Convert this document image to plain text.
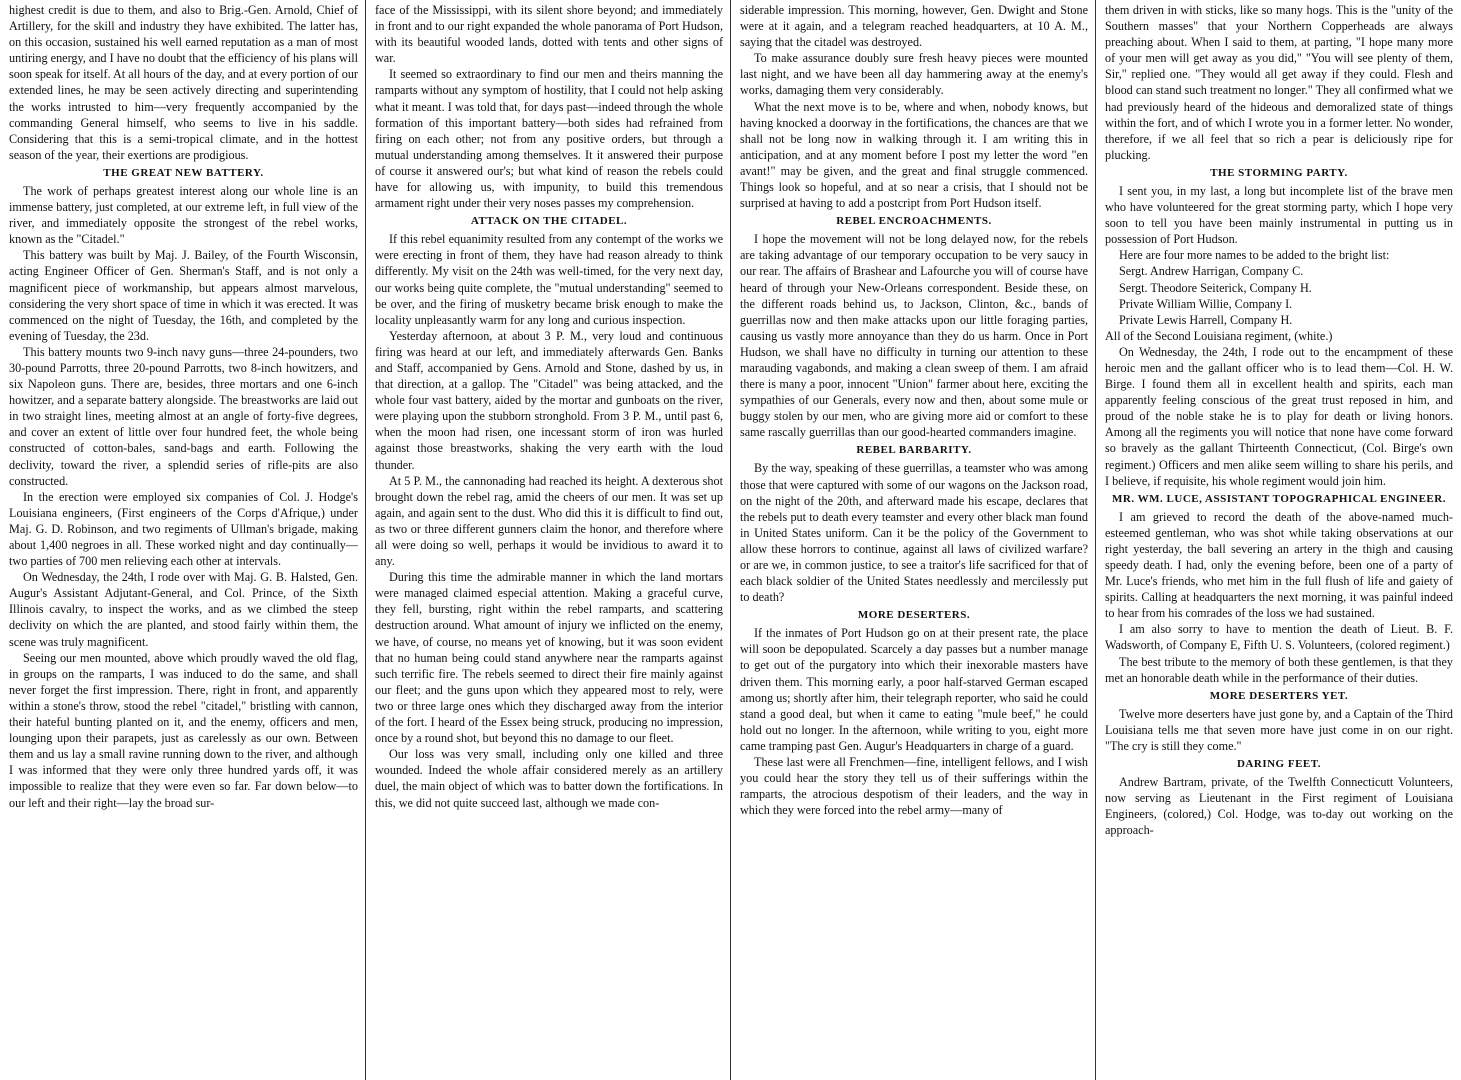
highest credit is due to them, and also to Brig.-Gen. Arnold, Chief of Artillery, for the skill and industry they have exhibited. The latter has, on this occasion, sustained his well earned reputation as a man of most untiring energy, and I have no doubt that the efficiency of his plans will soon speak for itself. At all hours of the day, and at every portion of our extended lines, he may be seen actively directing and superintending the works intrusted to him—very frequently accompanied by the commanding General himself, who seems to live in his saddle. Considering that this is a semi-tropical climate, and in the hottest season of the year, their exertions are prodigious.

THE GREAT NEW BATTERY.

The work of perhaps greatest interest along our whole line is an immense battery, just completed, at our extreme left, in full view of the river, and immediately opposite the strongest of the rebel works, known as the "Citadel."

This battery was built by Maj. J. Bailey, of the Fourth Wisconsin, acting Engineer Officer of Gen. Sherman's Staff, and is not only a magnificent piece of workmanship, but appears almost marvelous, considering the very short space of time in which it was erected. It was commenced on the night of Tuesday, the 16th, and completed by the evening of Tuesday, the 23d.

This battery mounts two 9-inch navy guns—three 24-pounders, two 30-pound Parrotts, three 20-pound Parrotts, two 8-inch howitzers, and six Napoleon guns. There are, besides, three mortars and one 6-inch howitzer, and a separate battery alongside. The breastworks are laid out in two straight lines, meeting almost at an angle of forty-five degrees, and cover an extent of little over four hundred feet, the whole being constructed of cotton-bales, sand-bags and earth. Following the declivity, toward the river, a splendid series of rifle-pits are also constructed.

In the erection were employed six companies of Col. J. Hodge's Louisiana engineers, (First engineers of the Corps d'Afrique,) under Maj. G. D. Robinson, and two regiments of Ullman's brigade, making about 1,400 negroes in all. These worked night and day continually—two parties of 700 men relieving each other at intervals.

On Wednesday, the 24th, I rode over with Maj. G. B. Halsted, Gen. Augur's Assistant Adjutant-General, and Col. Prince, of the Sixth Illinois cavalry, to inspect the works, and as we climbed the steep declivity on which the are planted, and stood fairly within them, the scene was truly magnificent.

Seeing our men mounted, above which proudly waved the old flag, in groups on the ramparts, I was induced to do the same, and shall never forget the first impression. There, right in front, and apparently within a stone's throw, stood the rebel "citadel," bristling with cannon, their hateful bunting planted on it, and the enemy, officers and men, lounging upon their parapets, just as carelessly as our own. Between them and us lay a small ravine running down to the river, and although I was informed that they were only three hundred yards off, it was impossible to realize that they were even so far. Far down below—to our left and their right—lay the broad sur-

face of the Mississippi, with its silent shore beyond; and immediately in front and to our right expanded the whole panorama of Port Hudson, with its beautiful wooded lands, dotted with tents and other signs of war.

It seemed so extraordinary to find our men and theirs manning the ramparts without any symptom of hostility, that I could not help asking what it meant. I was told that, for days past—indeed through the whole formation of this important battery—both sides had refrained from firing on each other; not from any positive orders, but through a mutual understanding among themselves. It it answered their purpose of course it answered our's; but what kind of reason the rebels could have for allowing us, with impunity, to build this tremendous armament right under their very noses passes my comprehension.

ATTACK ON THE CITADEL.

If this rebel equanimity resulted from any contempt of the works we were erecting in front of them, they have had reason already to think differently. My visit on the 24th was well-timed, for the very next day, our works being quite complete, the "mutual understanding" seemed to be over, and the firing of musketry became brisk enough to make the locality unpleasantly warm for any long and curious inspection.

Yesterday afternoon, at about 3 P. M., very loud and continuous firing was heard at our left, and immediately afterwards Gen. Banks and Staff, accompanied by Gens. Arnold and Stone, dashed by us, in that direction, at a gallop. The "Citadel" was being attacked, and the whole four vast battery, aided by the mortar and gunboats on the river, were playing upon the stubborn stronghold. From 3 P. M., until past 6, when the moon had risen, one incessant storm of iron was hurled against those breastworks, shaking the very earth with the loud thunder.

At 5 P. M., the cannonading had reached its height. A dexterous shot brought down the rebel rag, amid the cheers of our men. It was set up again, and again sent to the dust. Who did this it is difficult to find out, as two or three different gunners claim the honor, and therefore where all were doing so well, perhaps it would be invidious to award it to any.

During this time the admirable manner in which the land mortars were managed claimed especial attention. Making a graceful curve, they fell, bursting, right within the rebel ramparts, and scattering destruction around. What amount of injury we inflicted on the enemy, we have, of course, no means yet of knowing, but it was soon evident that no human being could stand anywhere near the ramparts against such terrific fire. The rebels seemed to direct their fire mainly against our fleet; and the guns upon which they appeared most to rely, were two or three large ones which they discharged away from the interior of the fort. I heard of the Essex being struck, producing no impression, once by a round shot, but beyond this no damage to our fleet.

Our loss was very small, including only one killed and three wounded. Indeed the whole affair considered merely as an artillery duel, the main object of which was to batter down the fortifications. In this, we did not quite succeed last, although we made con-

siderable impression. This morning, however, Gen. Dwight and Stone were at it again, and a telegram reached headquarters, at 10 A. M., saying that the citadel was destroyed.

To make assurance doubly sure fresh heavy pieces were mounted last night, and we have been all day hammering away at the enemy's works, damaging them very considerably.

What the next move is to be, where and when, nobody knows, but having knocked a doorway in the fortifications, the chances are that we shall not be long now in walking through it. I am writing this in anticipation, and at any moment before I post my letter the word "en avant!" may be given, and the great and final struggle commenced. Things look so hopeful, and at so near a crisis, that I should not be surprised at having to add a postcript from Port Hudson itself.

REBEL ENCROACHMENTS.

I hope the movement will not be long delayed now, for the rebels are taking advantage of our temporary occupation to be very saucy in our rear. The affairs of Brashear and Lafourche you will of course have heard of through your New-Orleans correspondent. Beside these, on the different roads behind us, to Jackson, Clinton, &c., bands of guerrillas now and then make attacks upon our little foraging parties, causing us vastly more annoyance than they do us harm. Once in Port Hudson, we shall have no difficulty in turning our attention to these marauding vagabonds, and making a clean sweep of them. I am afraid there is many a poor, innocent "Union" farmer about here, exciting the sympathies of our Generals, every now and then, about some mule or buggy stolen by our men, who are giving more aid or comfort to these same rascally guerrillas than our good-hearted commanders imagine.

REBEL BARBARITY.

By the way, speaking of these guerrillas, a teamster who was among those that were captured with some of our wagons on the Jackson road, on the night of the 20th, and afterward made his escape, declares that the rebels put to death every teamster and every other black man found in United States uniform. Can it be the policy of the Government to allow these horrors to continue, against all laws of civilized warfare? or are we, in common justice, to see a traitor's life sacrificed for that of each black soldier of the United States needlessly and mercilessly put to death?

MORE DESERTERS.

If the inmates of Port Hudson go on at their present rate, the place will soon be depopulated. Scarcely a day passes but a number manage to get out of the purgatory into which their inexorable masters have driven them. This morning early, a poor half-starved German escaped among us; shortly after him, their telegraph reporter, who said he could stand a good deal, but when it came to eating "mule beef," he could hold out no longer. In the afternoon, while writing to you, eight more came tramping past Gen. Augur's Headquarters in charge of a guard.

These last were all Frenchmen—fine, intelligent fellows, and I wish you could hear the story they tell us of their sufferings within the ramparts, the atrocious despotism of their leaders, and the way in which they were forced into the rebel army—many of

them driven in with sticks, like so many hogs. This is the "unity of the Southern masses" that your Northern Copperheads are always preaching about. When I said to them, at parting, "I hope many more of your men will get away as you did," "You will see plenty of them, Sir," replied one. "They would all get away if they could. Flesh and blood can stand such treatment no longer." They all confirmed what we had previously heard of the hideous and demoralized state of things within the fort, and of which I wrote you in a former letter. No wonder, therefore, if we all feel that so rich a pear is deliciously ripe for plucking.

THE STORMING PARTY.

I sent you, in my last, a long but incomplete list of the brave men who have volunteered for the great storming party, which I hope very soon to tell you have been mainly instrumental in putting us in possession of Port Hudson.

Here are four more names to be added to the bright list:

Sergt. Andrew Harrigan, Company C.

Sergt. Theodore Seiterick, Company H.

Private William Willie, Company I.

Private Lewis Harrell, Company H.

All of the Second Louisiana regiment, (white.)

On Wednesday, the 24th, I rode out to the encampment of these heroic men and the gallant officer who is to lead them—Col. H. W. Birge. I found them all in excellent health and spirits, each man apparently feeling conscious of the great trust reposed in him, and proud of the noble stake he is to play for death or living honors. Among all the regiments you will notice that none have come forward so bravely as the gallant Thirteenth Connecticut, (Col. Birge's own regiment.) Officers and men alike seem willing to share his perils, and I believe, if requisite, his whole regiment would join him.

MR. WM. LUCE, ASSISTANT TOPOGRAPHICAL ENGINEER.

I am grieved to record the death of the above-named much-esteemed gentleman, who was shot while taking observations at our right yesterday, the ball severing an artery in the thigh and causing speedy death. I had, only the evening before, been one of a party of Mr. Luce's friends, who met him in the full flush of life and gaiety of spirits. Calling at headquarters the next morning, it was painful indeed to hear from his comrades of the loss we had sustained.

I am also sorry to have to mention the death of Lieut. B. F. Wadsworth, of Company E, Fifth U. S. Volunteers, (colored regiment.)

The best tribute to the memory of both these gentlemen, is that they met an honorable death while in the performance of their duties.

MORE DESERTERS YET.

Twelve more deserters have just gone by, and a Captain of the Third Louisiana tells me that seven more have just come in on our right. "The cry is still they come."

DARING FEET.

Andrew Bartram, private, of the Twelfth Connecticutt Volunteers, now serving as Lieutenant in the First regiment of Louisiana Engineers, (colored,) Col. Hodge, was to-day out working on the approach-
